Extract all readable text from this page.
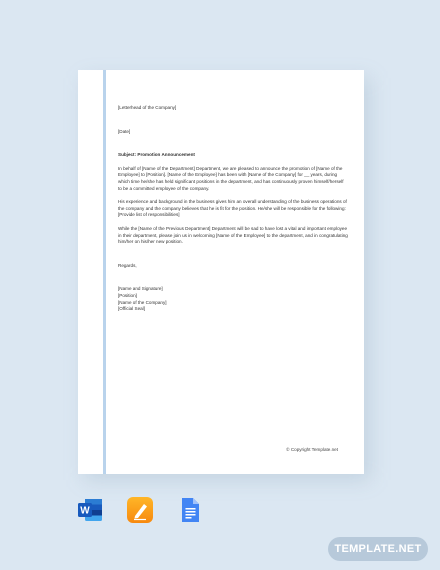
[Letterhead of the Company]

[Date]

Subject: Promotion Announcement

In behalf of [Name of the Department] Department, we are pleased to announce the promotion of [Name of the Employee] to [Position]. [Name of the Employee] has been with [Name of the Company] for __ years, during which time he/she has held significant positions in the department, and has continuously proven himself/herself to be a committed employee of the company.

His experience and background in the business gives him an overall understanding of the business operations of the company and the company believes that he is fit for the position. He/she will be responsible for the following: [Provide list of responsibilities]

While the [Name of the Previous Department] Department will be sad to have lost a vital and important employee in their department, please join us in welcoming [Name of the Employee] to the department, and in congratulating him/her on his/her new position.

Regards,

[Name and Signature]
[Position]
[Name of the Company]
[Official Seal]
© Copyright Template.net
W
TEMPLATE.NET
